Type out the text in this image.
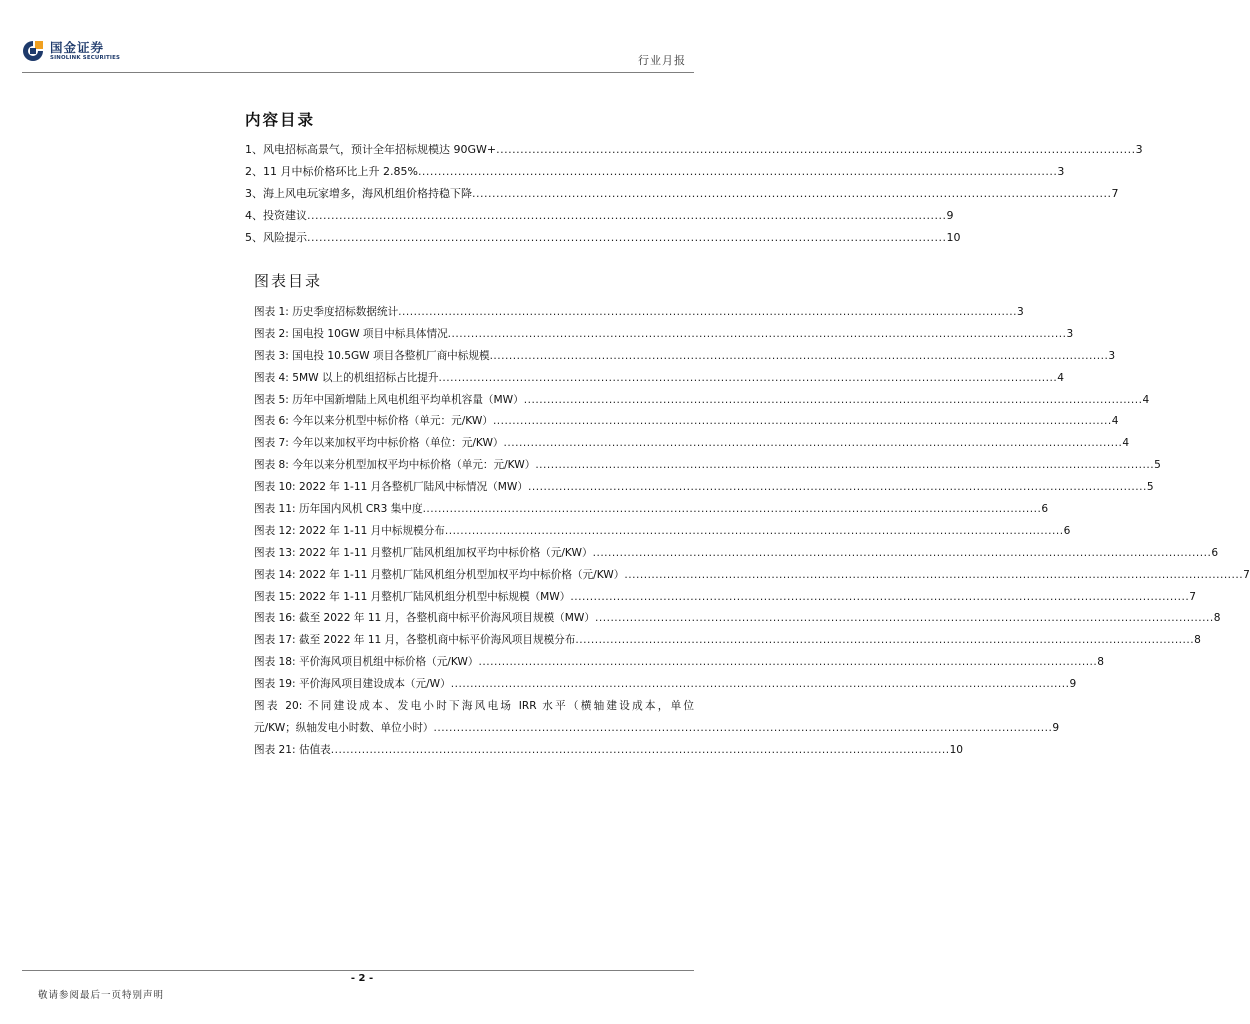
国金证券
SINOLINK SECURITIES	行业月报
内容目录
1、风电招标高景气，预计全年招标规模达 90GW+ ................................................................................................................................................................ 3
2、11 月中标价格环比上升 2.85% ................................................................................................................................................................ 3
3、海上风电玩家增多，海风机组价格持稳下降 ................................................................................................................................................................ 7
4、投资建议 ................................................................................................................................................................ 9
5、风险提示 ................................................................................................................................................................ 10
图表目录
图表 1: 历史季度招标数据统计 ................................................................................................................................................................ 3
图表 2: 国电投 10GW 项目中标具体情况 ................................................................................................................................................................ 3
图表 3: 国电投 10.5GW 项目各整机厂商中标规模 ................................................................................................................................................................ 3
图表 4: 5MW 以上的机组招标占比提升 ................................................................................................................................................................ 4
图表 5: 历年中国新增陆上风电机组平均单机容量（MW） ................................................................................................................................................................ 4
图表 6: 今年以来分机型中标价格（单元：元/KW） ................................................................................................................................................................ 4
图表 7: 今年以来加权平均中标价格（单位：元/KW） ................................................................................................................................................................ 4
图表 8: 今年以来分机型加权平均中标价格（单元：元/KW） ................................................................................................................................................................ 5
图表 10: 2022 年 1-11 月各整机厂陆风中标情况（MW） ................................................................................................................................................................ 5
图表 11: 历年国内风机 CR3 集中度 ................................................................................................................................................................ 6
图表 12: 2022 年 1-11 月中标规模分布 ................................................................................................................................................................ 6
图表 13: 2022 年 1-11 月整机厂陆风机组加权平均中标价格（元/KW） ................................................................................................................................................................ 6
图表 14: 2022 年 1-11 月整机厂陆风机组分机型加权平均中标价格（元/KW） ................................................................................................................................................................ 7
图表 15: 2022 年 1-11 月整机厂陆风机组分机型中标规模（MW） ................................................................................................................................................................ 7
图表 16: 截至 2022 年 11 月，各整机商中标平价海风项目规模（MW） ................................................................................................................................................................ 8
图表 17: 截至 2022 年 11 月，各整机商中标平价海风项目规模分布 ................................................................................................................................................................ 8
图表 18: 平价海风项目机组中标价格（元/KW） ................................................................................................................................................................ 8
图表 19: 平价海风项目建设成本（元/W） ................................................................................................................................................................ 9
图表 20: 不同建设成本、发电小时下海风电场 IRR 水平（横轴建设成本，单位
元/KW；纵轴发电小时数、单位小时） ................................................................................................................................................................ 9
图表 21: 估值表 ................................................................................................................................................................ 10
- 2 -
敬请参阅最后一页特别声明
